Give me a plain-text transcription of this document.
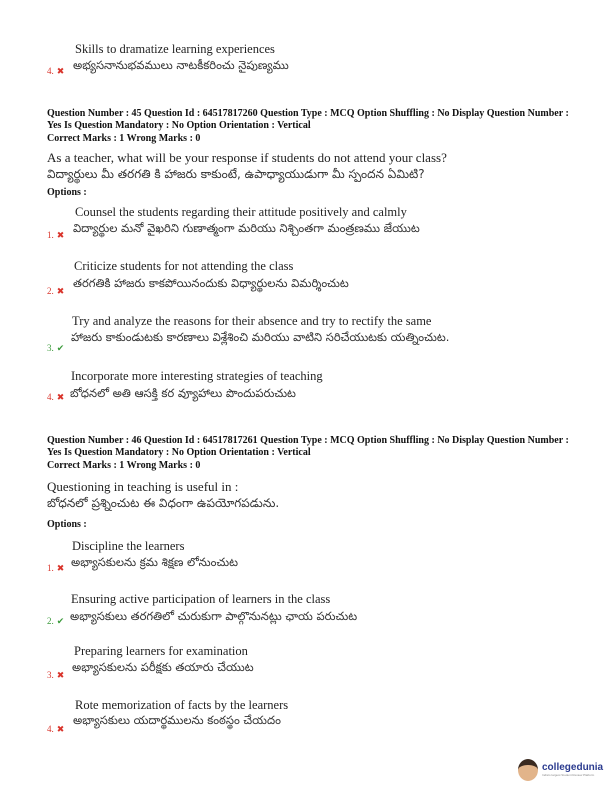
Skills to dramatize learning experiences
అభ్యసనానుభవములు నాటకీకరించు నైపుణ్యము
4. ✖
Question Number : 45 Question Id : 64517817260 Question Type : MCQ Option Shuffling : No Display Question Number :
Yes Is Question Mandatory : No Option Orientation : Vertical
Correct Marks : 1 Wrong Marks : 0
As a teacher, what will be your response if students do not attend your class?
విద్యార్థులు మీ తరగతి కి హాజరు కాకుంటే, ఉపాధ్యాయుడుగా మీ స్పందన ఏమిటి?
Options :
Counsel the students regarding their attitude positively and calmly
విద్యార్థుల మనో వైఖరిని గుణాత్మంగా మరియు నిశ్చింతగా మంత్రణము జేయుట
1. ✖
Criticize students for not attending the class
తరగతికి హాజరు కాకపోయినందుకు విధ్యార్థులను విమర్శించుట
2. ✖
Try and analyze the reasons for their absence and try to rectify the same
హాజరు కాకుండుటకు కారణాలు విశ్లేశించి మరియు వాటిని సరిచేయుటకు యత్నించుట.
3. ✔
Incorporate more interesting strategies of teaching
బోధనలో అతి ఆసక్తి కర వ్యూహాలు పొందుపరుచుట
4. ✖
Question Number : 46 Question Id : 64517817261 Question Type : MCQ Option Shuffling : No Display Question Number :
Yes Is Question Mandatory : No Option Orientation : Vertical
Correct Marks : 1 Wrong Marks : 0
Questioning in teaching is useful in :
బోధనలో ప్రశ్నించుట ఈ విధంగా ఉపయోగపడును.
Options :
Discipline the learners
అభ్యాసకులను క్రమ శిక్షణ లోనుంచుట
1. ✖
Ensuring active participation of learners in the class
అభ్యాసకులు తరగతిలో చురుకుగా పాల్గొనునట్లు ఛాయ పరుచుట
2. ✔
Preparing learners for examination
అభ్యాసకులను పరీక్షకు తయారు చేయుట
3. ✖
Rote memorization of facts by the learners
అభ్యాసకులు యదార్థములను కంఠస్థం చేయదం
4. ✖
collegedunia
India's largest Student Review Platform
